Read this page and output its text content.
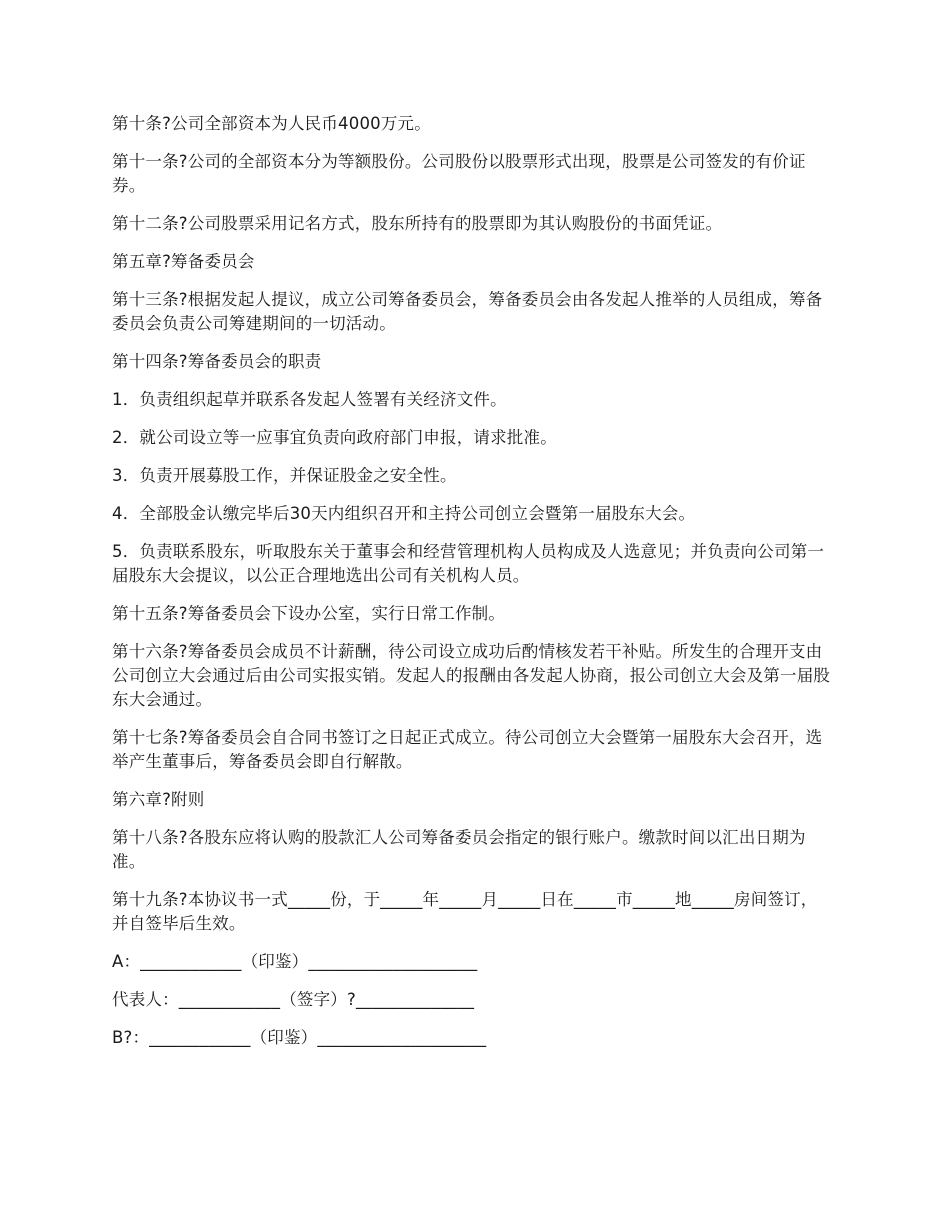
第十条?公司全部资本为人民币4000万元。

第十一条?公司的全部资本分为等额股份。公司股份以股票形式出现，股票是公司签发的有价证券。

第十二条?公司股票采用记名方式，股东所持有的股票即为其认购股份的书面凭证。

第五章?筹备委员会

第十三条?根据发起人提议，成立公司筹备委员会，筹备委员会由各发起人推举的人员组成，筹备委员会负责公司筹建期间的一切活动。

第十四条?筹备委员会的职责

1．负责组织起草并联系各发起人签署有关经济文件。

2．就公司设立等一应事宜负责向政府部门申报，请求批准。

3．负责开展募股工作，并保证股金之安全性。

4．全部股金认缴完毕后30天内组织召开和主持公司创立会暨第一届股东大会。

5．负责联系股东，听取股东关于董事会和经营管理机构人员构成及人选意见；并负责向公司第一届股东大会提议，以公正合理地选出公司有关机构人员。

第十五条?筹备委员会下设办公室，实行日常工作制。

第十六条?筹备委员会成员不计薪酬，待公司设立成功后酌情核发若干补贴。所发生的合理开支由公司创立大会通过后由公司实报实销。发起人的报酬由各发起人协商，报公司创立大会及第一届股东大会通过。

第十七条?筹备委员会自合同书签订之日起正式成立。待公司创立大会暨第一届股东大会召开，选举产生董事后，筹备委员会即自行解散。

第六章?附则

第十八条?各股东应将认购的股款汇人公司筹备委员会指定的银行账户。缴款时间以汇出日期为准。

第十九条?本协议书一式_____份，于_____年_____月_____日在_____市_____地_____房间签订，并自签毕后生效。

A：____________（印鉴）____________________

代表人：____________（签字）?______________

B?：____________（印鉴）____________________
